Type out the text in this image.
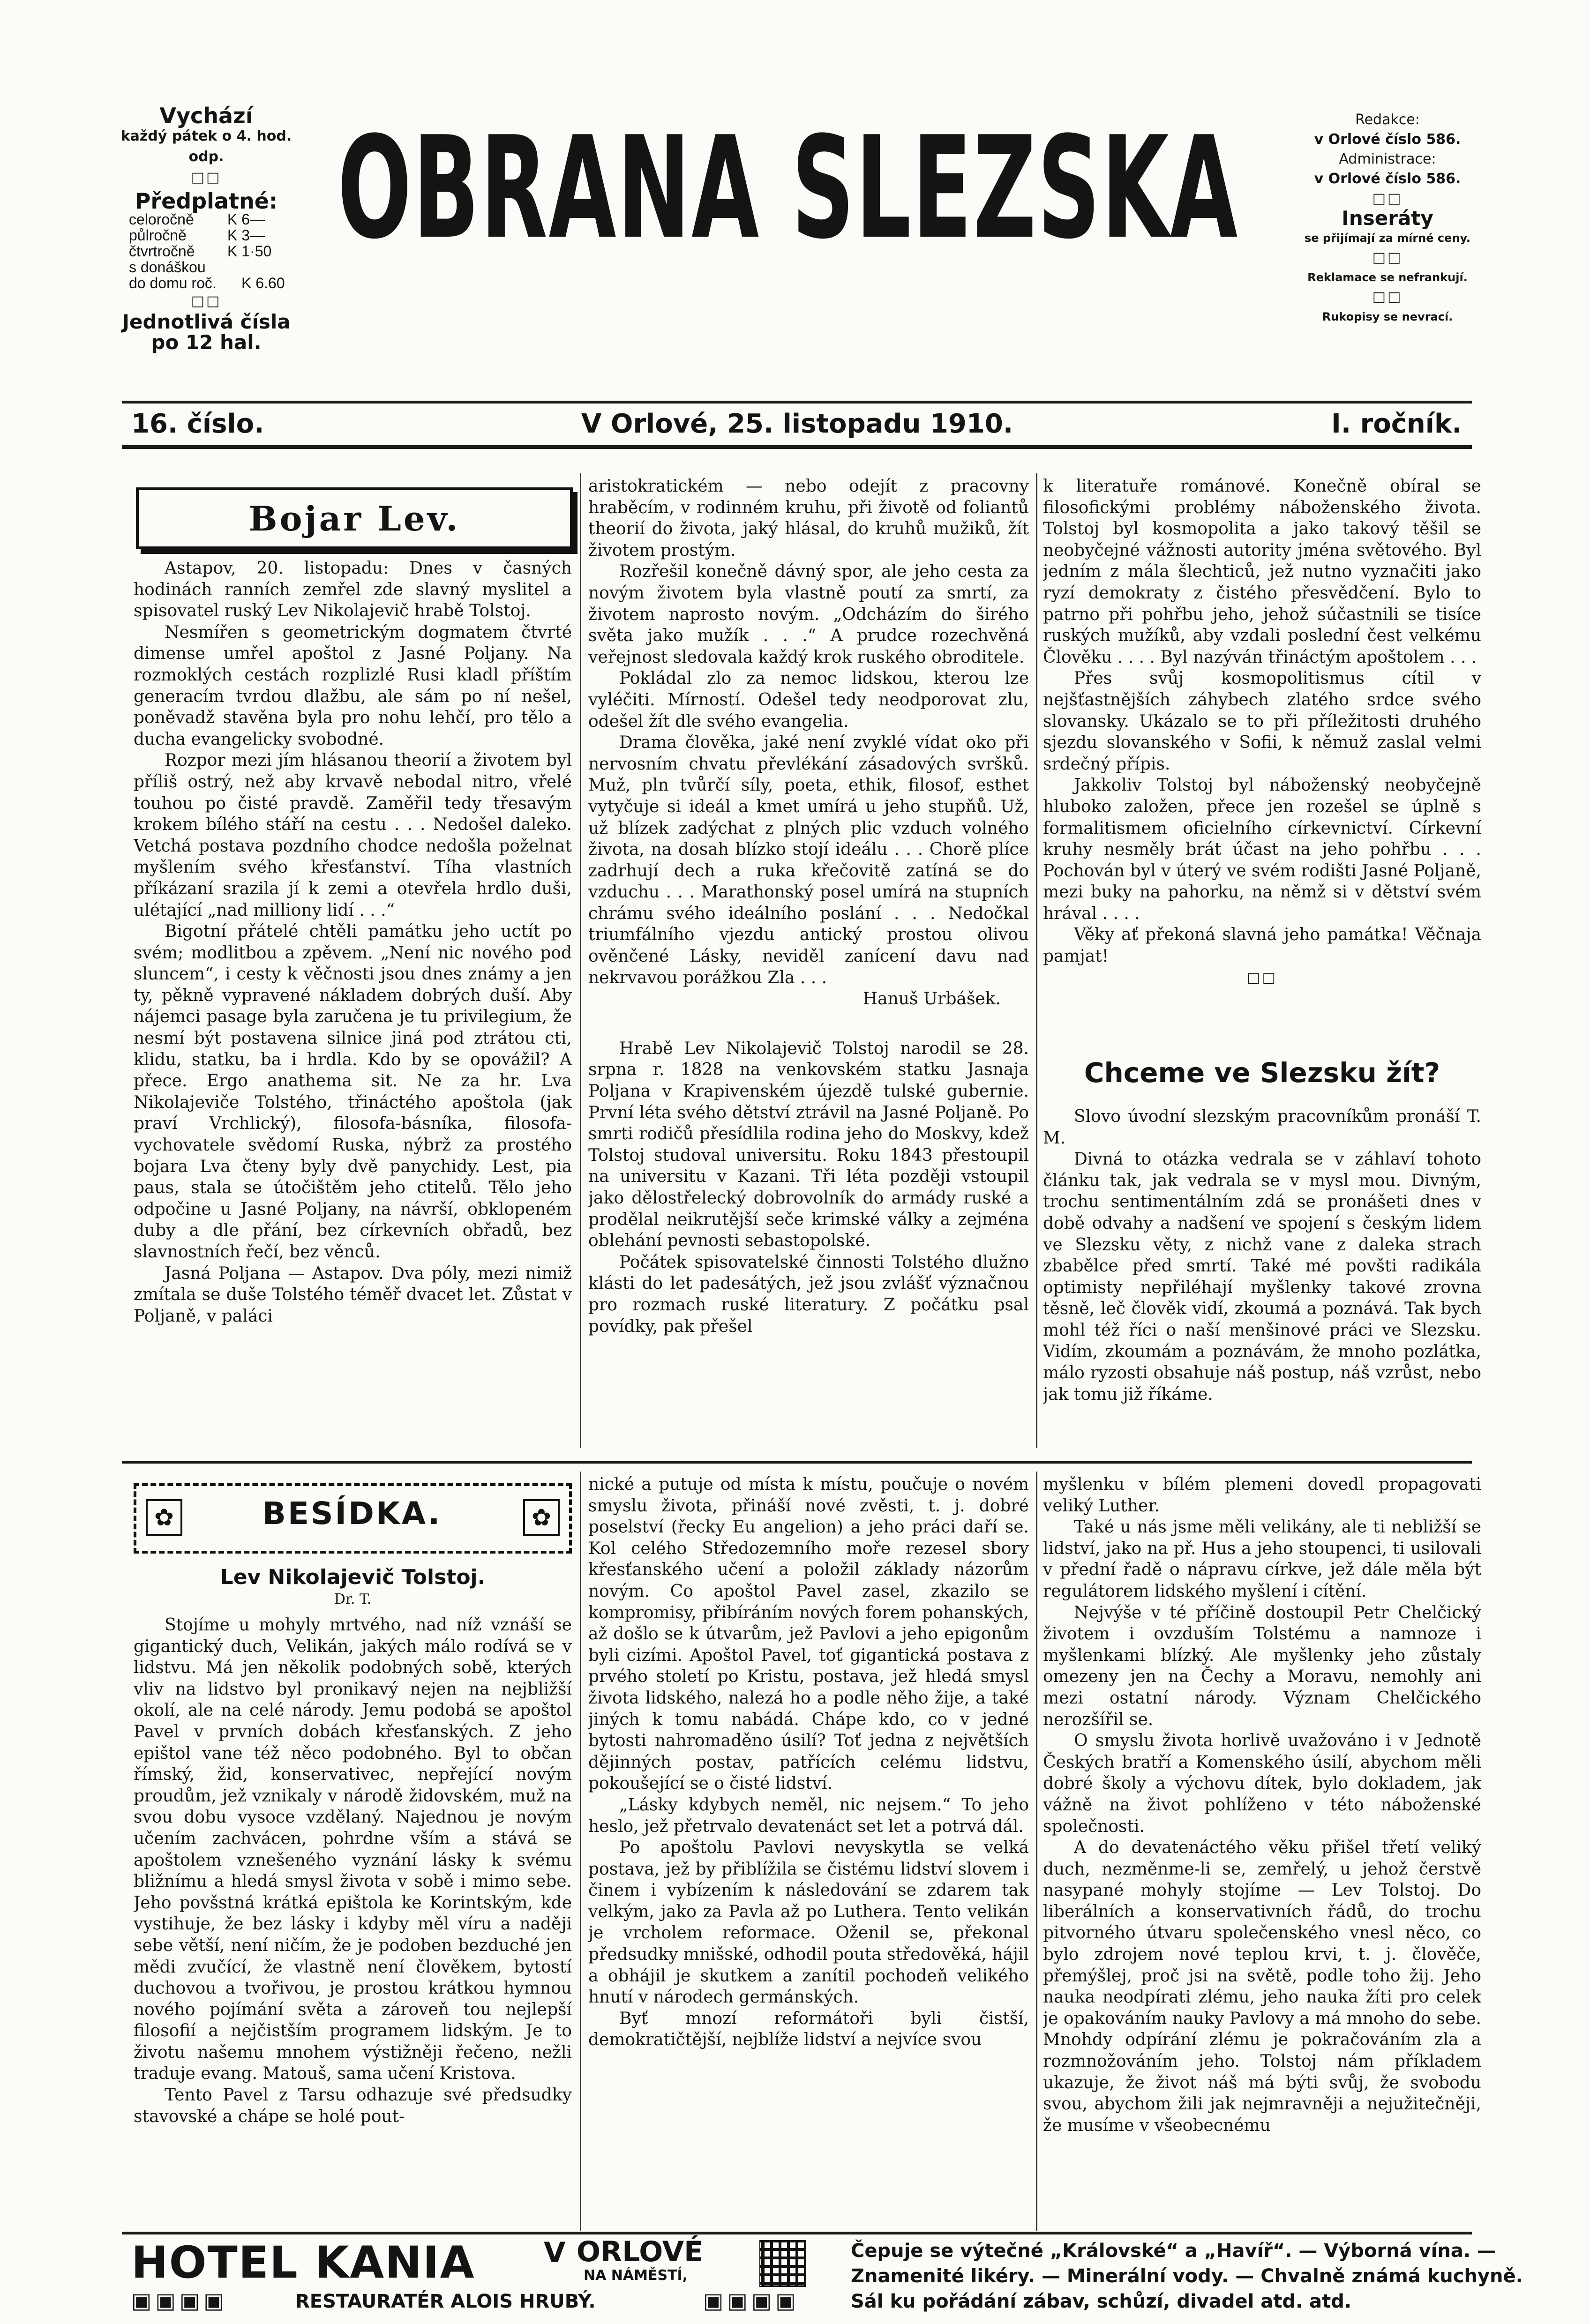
Vychází
každý pátek o 4. hod. odp.
□□
Předplatné:
celoročně K 6—
půlročně	K 3—
čtvrtročně K 1·50
s donáškou
do domu roč. K 6.60
□□
Jednotlivá čísla
po 12 hal.
OBRANA SLEZSKA	Redakce:
v Orlové číslo 586.
Administrace:
v Orlové číslo 586.
□□
Inseráty
se přijímají za mírné ceny.
□□
Reklamace se nefrankují.
□□
Rukopisy se nevrací.
16. číslo.	V Orlové, 25. listopadu 1910.	I. ročník.
Bojar Lev.

Astapov, 20. listopadu: Dnes v časných hodinách ranních zemřel zde slavný myslitel a spisovatel ruský Lev Nikolajevič hrabě Tolstoj.

Nesmířen s geometrickým dogmatem čtvrté dimense umřel apoštol z Jasné Poljany. Na rozmoklých cestách rozplizlé Rusi kladl příštím generacím tvrdou dlažbu, ale sám po ní nešel, poněvadž stavěna byla pro nohu lehčí, pro tělo a ducha evangelicky svobodné.

Rozpor mezi jím hlásanou theorií a životem byl příliš ostrý, než aby krvavě nebodal nitro, vřelé touhou po čisté pravdě. Zaměřil tedy třesavým krokem bílého stáří na cestu . . . Nedošel daleko. Vetchá postava pozdního chodce nedošla poželnat myšlením svého křesťanství. Tíha vlastních příkázaní srazila jí k zemi a otevřela hrdlo duši, ulétající „nad milliony lidí . . .“

Bigotní přátelé chtěli památku jeho uctít po svém; modlitbou a zpěvem. „Není nic nového pod sluncem“, i cesty k věčnosti jsou dnes známy a jen ty, pěkně vypravené nákladem dobrých duší. Aby nájemci pasage byla zaručena je tu privilegium, že nesmí být postavena silnice jiná pod ztrátou cti, klidu, statku, ba i hrdla. Kdo by se opovážil? A přece. Ergo anathema sit. Ne za hr. Lva Nikolajeviče Tolstého, třináctého apoštola (jak praví Vrchlický), filosofa-básníka, filosofa-vychovatele svědomí Ruska, nýbrž za prostého bojara Lva čteny byly dvě panychidy. Lest, pia paus, stala se útočištěm jeho ctitelů. Tělo jeho odpočine u Jasné Poljany, na návrší, obklopeném duby a dle přání, bez církevních obřadů, bez slavnostních řečí, bez věnců.

Jasná Poljana — Astapov. Dva póly, mezi nimiž zmítala se duše Tolstého téměř dvacet let. Zůstat v Poljaně, v paláci

aristokratickém — nebo odejít z pracovny hraběcím, v rodinném kruhu, při životě od foliantů theorií do života, jaký hlásal, do kruhů mužiků, žít životem prostým.

Rozřešil konečně dávný spor, ale jeho cesta za novým životem byla vlastně poutí za smrtí, za životem naprosto novým. „Odcházím do širého světa jako mužík . . .“ A prudce rozechvěná veřejnost sledovala každý krok ruského obroditele.

Pokládal zlo za nemoc lidskou, kterou lze vyléčiti. Mírností. Odešel tedy neodporovat zlu, odešel žít dle svého evangelia.

Drama člověka, jaké není zvyklé vídat oko při nervosním chvatu převlékání zásadových svršků. Muž, pln tvůrčí síly, poeta, ethik, filosof, esthet vytyčuje si ideál a kmet umírá u jeho stupňů. Už, už blízek zadýchat z plných plic vzduch volného života, na dosah blízko stojí ideálu . . . Chorě plíce zadrhují dech a ruka křečovitě zatíná se do vzduchu . . . Marathonský posel umírá na stupních chrámu svého ideálního poslání . . . Nedočkal triumfálního vjezdu antický prostou olivou ověnčené Lásky, neviděl zanícení davu nad nekrvavou porážkou Zla . . .

Hanuš Urbášek.

Hrabě Lev Nikolajevič Tolstoj narodil se 28. srpna r. 1828 na venkovském statku Jasnaja Poljana v Krapivenském újezdě tulské gubernie. První léta svého dětství ztrávil na Jasné Poljaně. Po smrti rodičů přesídlila rodina jeho do Moskvy, kdež Tolstoj studoval universitu. Roku 1843 přestoupil na universitu v Kazani. Tři léta později vstoupil jako dělostřelecký dobrovolník do armády ruské a prodělal neikrutější seče krimské války a zejména oblehání pevnosti sebastopolské.

Počátek spisovatelské činnosti Tolstého dlužno klásti do let padesátých, jež jsou zvlášť význačnou pro rozmach ruské literatury. Z počátku psal povídky, pak přešel

k literatuře románové. Konečně obíral se filosofickými problémy náboženského života. Tolstoj byl kosmopolita a jako takový těšil se neobyčejné vážnosti autority jména světového. Byl jedním z mála šlechticů, jež nutno vyznačiti jako ryzí demokraty z čistého přesvědčení. Bylo to patrno při pohřbu jeho, jehož súčastnili se tisíce ruských mužíků, aby vzdali poslední čest velkému Člověku . . . . Byl nazýván třináctým apoštolem . . .

Přes svůj kosmopolitismus cítil v nejšťastnějších záhybech zlatého srdce svého slovansky. Ukázalo se to při příležitosti druhého sjezdu slovanského v Sofii, k němuž zaslal velmi srdečný přípis.

Jakkoliv Tolstoj byl náboženský neobyčejně hluboko založen, přece jen rozešel se úplně s formalitismem oficielního církevnictví. Církevní kruhy nesměly brát účast na jeho pohřbu . . . Pochován byl v úterý ve svém rodišti Jasné Poljaně, mezi buky na pahorku, na němž si v dětství svém hrával . . . .

Věky ať překoná slavná jeho památka! Věčnaja pamjat!

□□

Chceme ve Slezsku žít?

Slovo úvodní slezským pracovníkům pronáší T. M.

Divná to otázka vedrala se v záhlaví tohoto článku tak, jak vedrala se v mysl mou. Divným, trochu sentimentálním zdá se pronášeti dnes v době odvahy a nadšení ve spojení s českým lidem ve Slezsku věty, z nichž vane z daleka strach zbabělce před smrtí. Také mé povšti radikála optimisty nepřiléhají myšlenky takové zrovna těsně, leč člověk vidí, zkoumá a poznává. Tak bych mohl též říci o naší menšinové práci ve Slezsku. Vidím, zkoumám a poznávám, že mnoho pozlátka, málo ryzosti obsahuje náš postup, náš vzrůst, nebo jak tomu již říkáme.

✿	BESÍDKA.	✿
Lev Nikolajevič Tolstoj.
Dr. T.

Stojíme u mohyly mrtvého, nad níž vznáší se gigantický duch, Velikán, jakých málo rodívá se v lidstvu. Má jen několik podobných sobě, kterých vliv na lidstvo byl pronikavý nejen na nejbližší okolí, ale na celé národy. Jemu podobá se apoštol Pavel v prvních dobách křesťanských. Z jeho epištol vane též něco podobného. Byl to občan římský, žid, konservativec, nepřející novým proudům, jež vznikaly v národě židovském, muž na svou dobu vysoce vzdělaný. Najednou je novým učením zachvácen, pohrdne vším a stává se apoštolem vznešeného vyznání lásky k svému bližnímu a hledá smysl života v sobě i mimo sebe. Jeho povšstná krátká epištola ke Korintským, kde vystihuje, že bez lásky i kdyby měl víru a naději sebe větší, není ničím, že je podoben bezduché jen mědi zvučící, že vlastně není člověkem, bytostí duchovou a tvořivou, je prostou krátkou hymnou nového pojímání světa a zároveň tou nejlepší filosofií a nejčistším programem lidským. Je to životu našemu mnohem výstižněji řečeno, nežli traduje evang. Matouš, sama učení Kristova.

Tento Pavel z Tarsu odhazuje své předsudky stavovské a chápe se holé pout-

nické a putuje od místa k místu, poučuje o novém smyslu života, přináší nové zvěsti, t. j. dobré poselství (řecky Eu angelion) a jeho práci daří se. Kol celého Středozemního moře rezesel sbory křesťanského učení a položil základy názorům novým. Co apoštol Pavel zasel, zkazilo se kompromisy, přibíráním nových forem pohanských, až došlo se k útvarům, jež Pavlovi a jeho epigonům byli cizími. Apoštol Pavel, toť gigantická postava z prvého století po Kristu, postava, jež hledá smysl života lidského, nalezá ho a podle něho žije, a také jiných k tomu nabádá. Chápe kdo, co v jedné bytosti nahromaděno úsilí? Toť jedna z největších dějinných postav, patřících celému lidstvu, pokoušející se o čisté lidství.

„Lásky kdybych neměl, nic nejsem.“ To jeho heslo, jež přetrvalo devatenáct set let a potrvá dál.

Po apoštolu Pavlovi nevyskytla se velká postava, jež by přiblížila se čistému lidství slovem i činem i vybízením k následování se zdarem tak velkým, jako za Pavla až po Luthera. Tento velikán je vrcholem reformace. Oženil se, překonal předsudky mnišské, odhodil pouta středověká, hájil a obhájil je skutkem a zanítil pochodeň velikého hnutí v národech germánských.

Byť mnozí reformátoři byli čistší, demokratičtější, nejblíže lidství a nejvíce svou

myšlenku v bílém plemeni dovedl propagovati veliký Luther.

Také u nás jsme měli velikány, ale ti nebližší se lidství, jako na př. Hus a jeho stoupenci, ti usilovali v přední řadě o nápravu církve, jež dále měla být regulátorem lidského myšlení i cítění.

Nejvýše v té příčině dostoupil Petr Chelčický životem i ovzduším Tolstému a namnoze i myšlenkami blízký. Ale myšlenky jeho zůstaly omezeny jen na Čechy a Moravu, nemohly ani mezi ostatní národy. Význam Chelčického nerozšířil se.

O smyslu života horlivě uvažováno i v Jednotě Českých bratří a Komenského úsilí, abychom měli dobré školy a výchovu dítek, bylo dokladem, jak vážně na život pohlíženo v této náboženské společnosti.

A do devatenáctého věku přišel třetí veliký duch, nezměnme-li se, zemřelý, u jehož čerstvě nasypané mohyly stojíme — Lev Tolstoj. Do liberálních a konservativních řádů, do trochu pitvorného útvaru společenského vnesl něco, co bylo zdrojem nové teplou krvi, t. j. člověče, přemýšlej, proč jsi na světě, podle toho žij. Jeho nauka neodpírati zlému, jeho nauka žíti pro celek je opakováním nauky Pavlovy a má mnoho do sebe. Mnohdy odpírání zlému je pokračováním zla a rozmnožováním jeho. Tolstoj nám příkladem ukazuje, že život náš má býti svůj, že svobodu svou, abychom žili jak nejmravněji a nejužitečněji, že musíme v všeobecnému

HOTEL KANIA V ORLOVÉ
NA NÁMĚSTÍ,
▣▣▣▣	RESTAURATÉR ALOIS HRUBÝ.	▣▣▣▣
Čepuje se výtečné „Královské“ a „Havíř“. — Výborná vína. —
Znamenité likéry. — Minerální vody. — Chvalně známá kuchyně.
Sál ku pořádání zábav, schůzí, divadel atd. atd.
